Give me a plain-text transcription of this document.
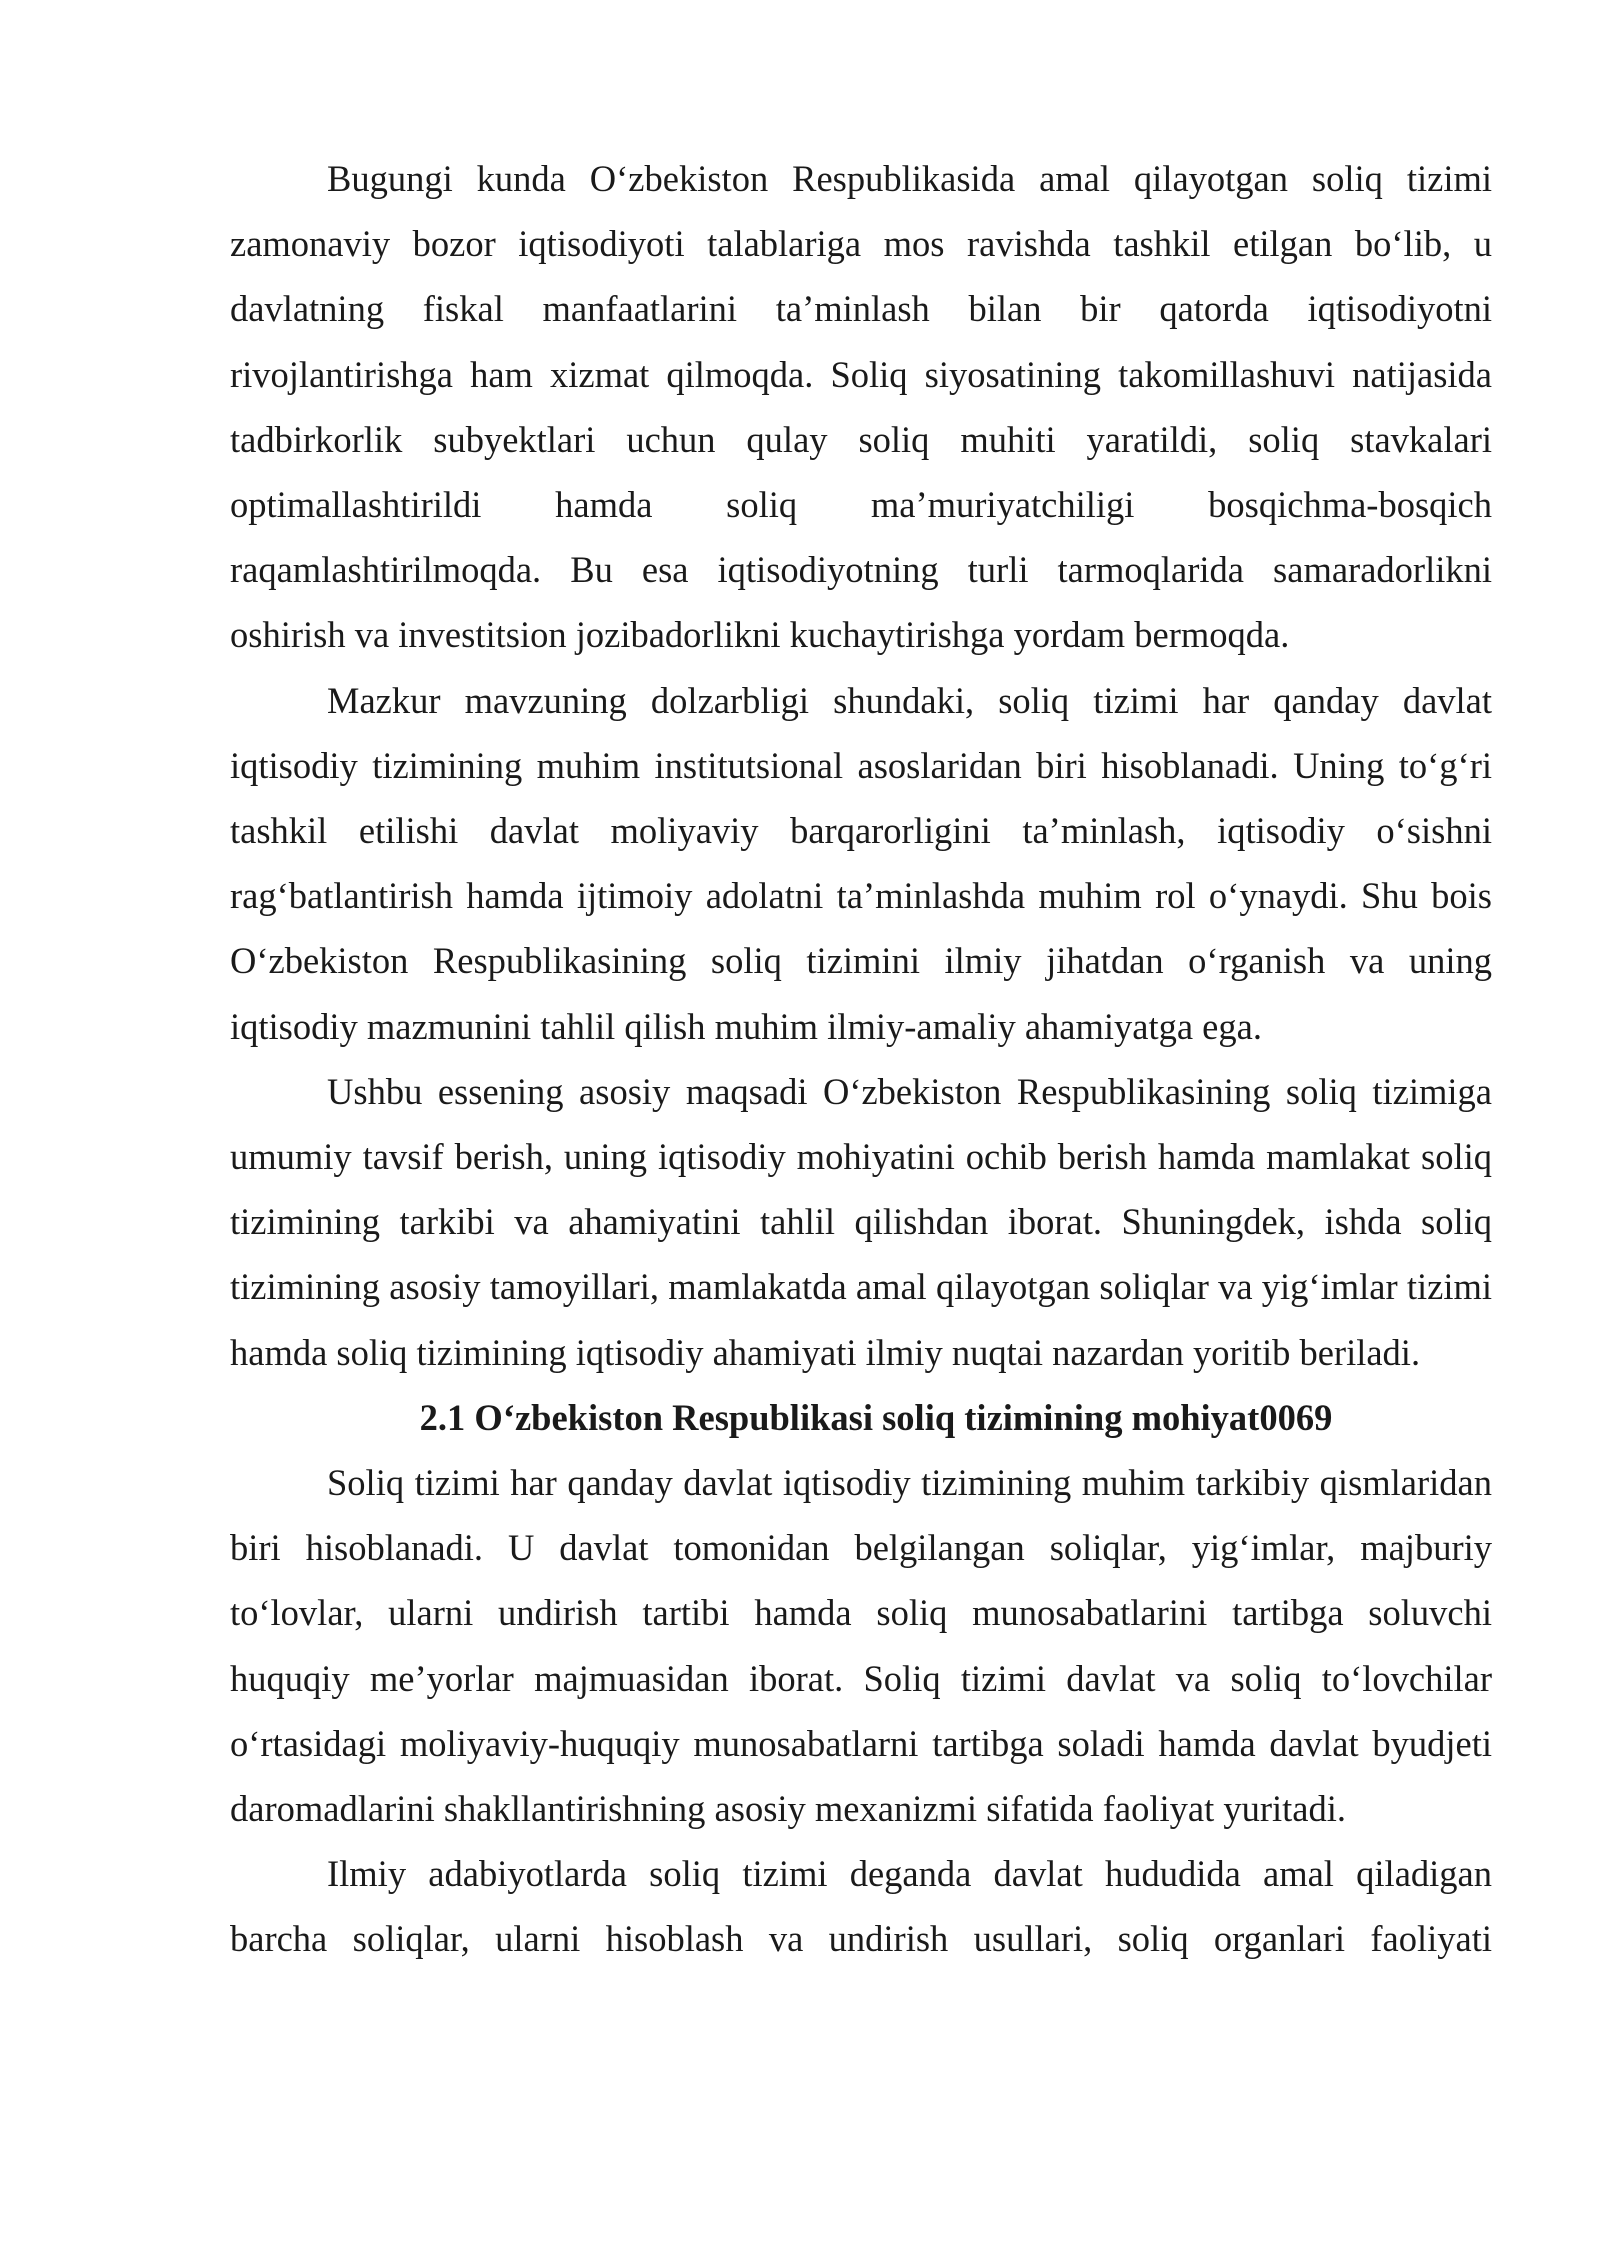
Bugungi kunda O‘zbekiston Respublikasida amal qilayotgan soliq tizimi zamonaviy bozor iqtisodiyoti talablariga mos ravishda tashkil etilgan bo‘lib, u davlatning fiskal manfaatlarini ta’minlash bilan bir qatorda iqtisodiyotni rivojlantirishga ham xizmat qilmoqda. Soliq siyosatining takomillashuvi natijasida tadbirkorlik subyektlari uchun qulay soliq muhiti yaratildi, soliq stavkalari optimallashtirildi hamda soliq ma’muriyatchiligi bosqichma-bosqich raqamlashtirilmoqda. Bu esa iqtisodiyotning turli tarmoqlarida samaradorlikni oshirish va investitsion jozibadorlikni kuchaytirishga yordam bermoqda.

Mazkur mavzuning dolzarbligi shundaki, soliq tizimi har qanday davlat iqtisodiy tizimining muhim institutsional asoslaridan biri hisoblanadi. Uning to‘g‘ri tashkil etilishi davlat moliyaviy barqarorligini ta’minlash, iqtisodiy o‘sishni rag‘batlantirish hamda ijtimoiy adolatni ta’minlashda muhim rol o‘ynaydi. Shu bois O‘zbekiston Respublikasining soliq tizimini ilmiy jihatdan o‘rganish va uning iqtisodiy mazmunini tahlil qilish muhim ilmiy-amaliy ahamiyatga ega.

Ushbu essening asosiy maqsadi O‘zbekiston Respublikasining soliq tizimiga umumiy tavsif berish, uning iqtisodiy mohiyatini ochib berish hamda mamlakat soliq tizimining tarkibi va ahamiyatini tahlil qilishdan iborat. Shuningdek, ishda soliq tizimining asosiy tamoyillari, mamlakatda amal qilayotgan soliqlar va yig‘imlar tizimi hamda soliq tizimining iqtisodiy ahamiyati ilmiy nuqtai nazardan yoritib beriladi.

2.1 O‘zbekiston Respublikasi soliq tizimining mohiyat0069

Soliq tizimi har qanday davlat iqtisodiy tizimining muhim tarkibiy qismlaridan biri hisoblanadi. U davlat tomonidan belgilangan soliqlar, yig‘imlar, majburiy to‘lovlar, ularni undirish tartibi hamda soliq munosabatlarini tartibga soluvchi huquqiy me’yorlar majmuasidan iborat. Soliq tizimi davlat va soliq to‘lovchilar o‘rtasidagi moliyaviy-huquqiy munosabatlarni tartibga soladi hamda davlat byudjeti daromadlarini shakllantirishning asosiy mexanizmi sifatida faoliyat yuritadi.

Ilmiy adabiyotlarda soliq tizimi deganda davlat hududida amal qiladigan barcha soliqlar, ularni hisoblash va undirish usullari, soliq organlari faoliyati
